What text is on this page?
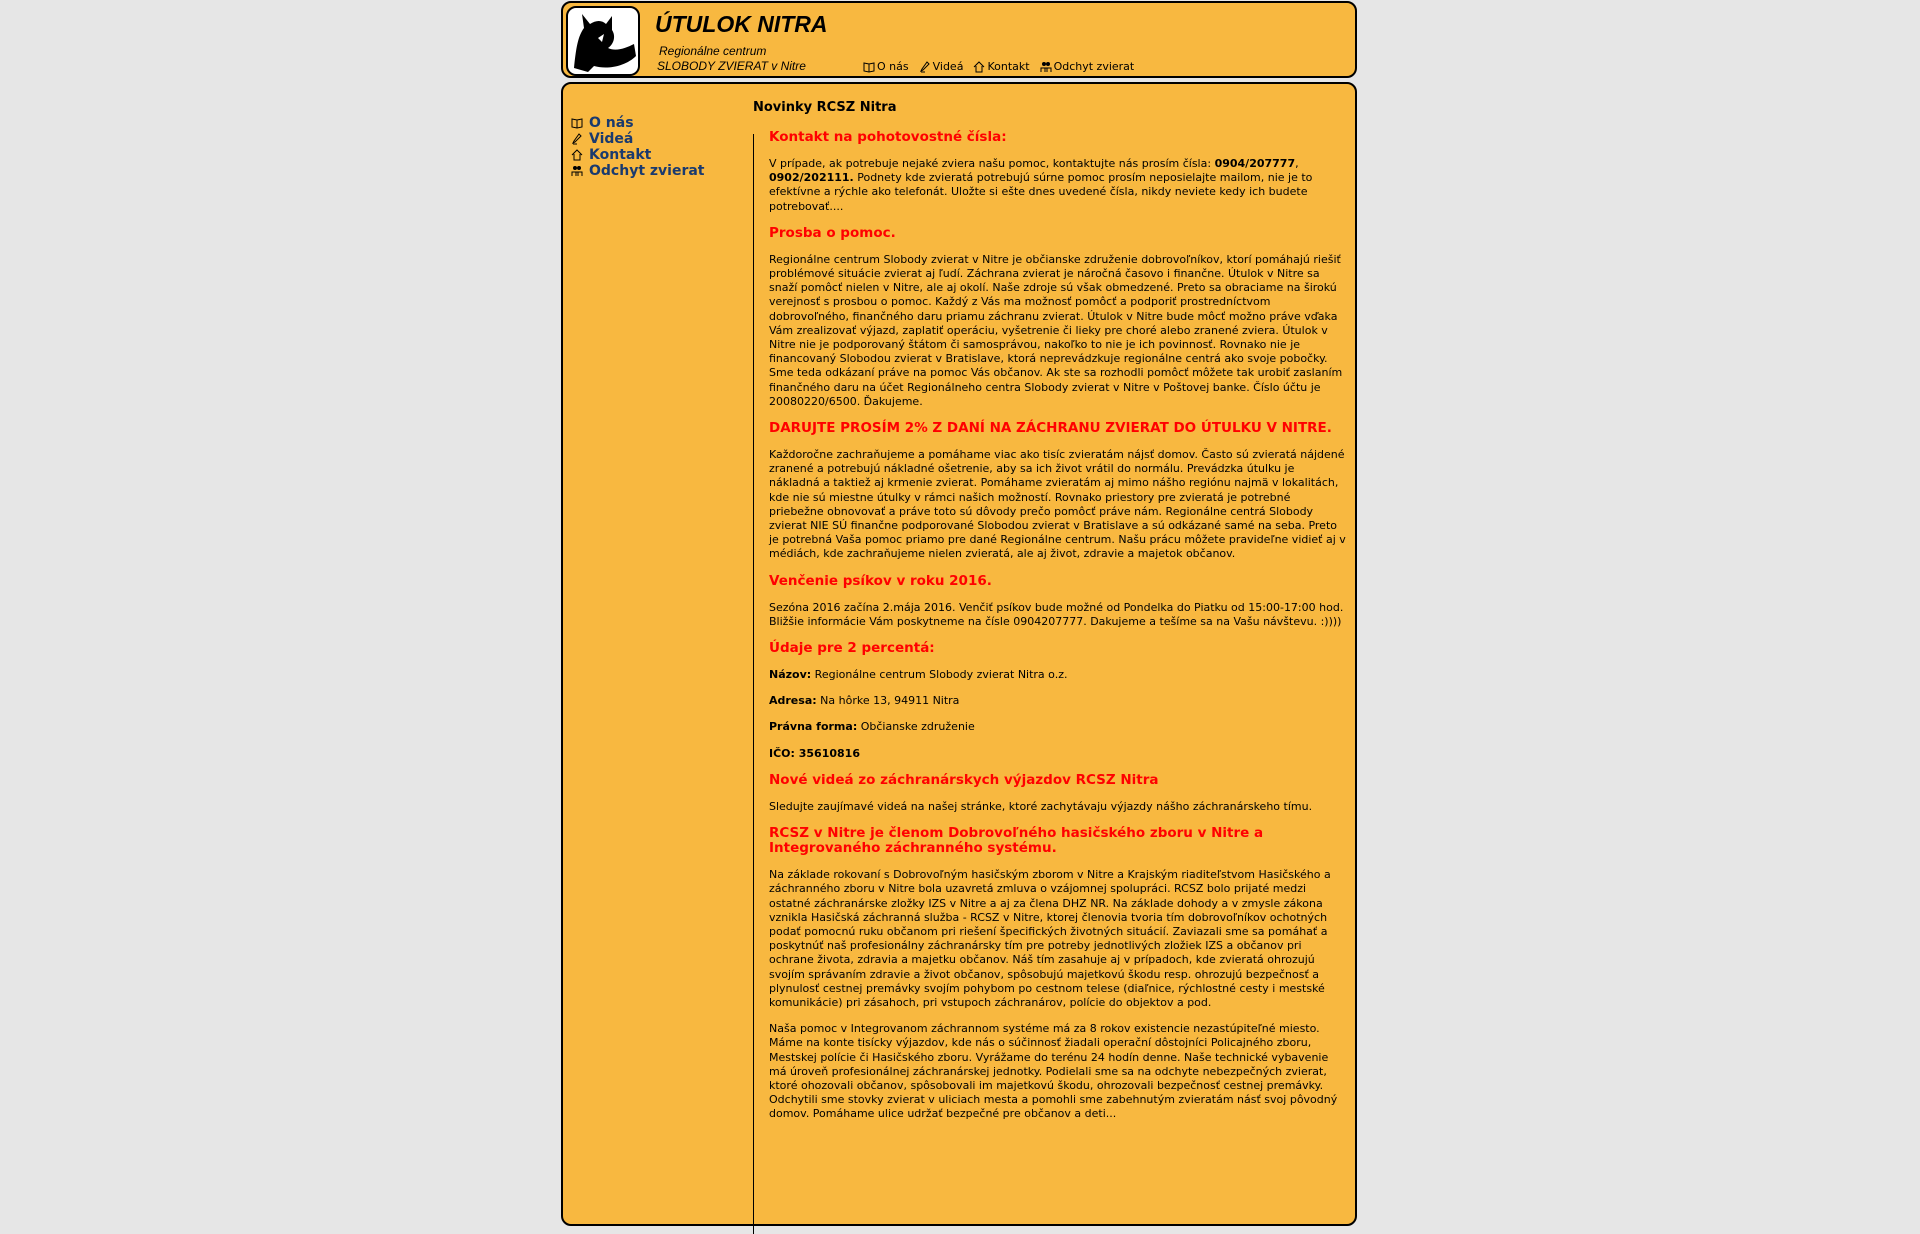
ÚTULOK NITRA
Regionálne centrum
SLOBODY ZVIERAT v Nitre	O nás Videá Kontakt Odchyt zvierat
O nás
Videá
Kontakt
Odchyt zvierat
Novinky RCSZ Nitra
Kontakt na pohotovostné čísla:

V prípade, ak potrebuje nejaké zviera našu pomoc, kontaktujte nás prosím čísla: 0904/207777, 0902/202111. Podnety kde zvieratá potrebujú súrne pomoc prosím neposielajte mailom, nie je to efektívne a rýchle ako telefonát. Uložte si ešte dnes uvedené čísla, nikdy neviete kedy ich budete potrebovať....

Prosba o pomoc.

Regionálne centrum Slobody zvierat v Nitre je občianske združenie dobrovoľníkov, ktorí pomáhajú riešiť problémové situácie zvierat aj ľudí. Záchrana zvierat je náročná časovo i finančne. Útulok v Nitre sa snaží pomôcť nielen v Nitre, ale aj okolí. Naše zdroje sú však obmedzené. Preto sa obraciame na širokú verejnosť s prosbou o pomoc. Každý z Vás ma možnosť pomôcť a podporiť prostredníctvom dobrovoľného, finančného daru priamu záchranu zvierat. Útulok v Nitre bude môcť možno práve vďaka Vám zrealizovať výjazd, zaplatiť operáciu, vyšetrenie či lieky pre choré alebo zranené zviera. Útulok v Nitre nie je podporovaný štátom či samosprávou, nakoľko to nie je ich povinnosť. Rovnako nie je financovaný Slobodou zvierat v Bratislave, ktorá neprevádzkuje regionálne centrá ako svoje pobočky. Sme teda odkázaní práve na pomoc Vás občanov. Ak ste sa rozhodli pomôcť môžete tak urobiť zaslaním finančného daru na účet Regionálneho centra Slobody zvierat v Nitre v Poštovej banke. Číslo účtu je 20080220/6500. Ďakujeme.

DARUJTE PROSÍM 2% Z DANÍ NA ZÁCHRANU ZVIERAT DO ÚTULKU V NITRE.

Každoročne zachraňujeme a pomáhame viac ako tisíc zvieratám nájsť domov. Často sú zvieratá nájdené zranené a potrebujú nákladné ošetrenie, aby sa ich život vrátil do normálu. Prevádzka útulku je nákladná a taktiež aj krmenie zvierat. Pomáhame zvieratám aj mimo nášho regiónu najmä v lokalitách, kde nie sú miestne útulky v rámci našich možností. Rovnako priestory pre zvieratá je potrebné priebežne obnovovať a práve toto sú dôvody prečo pomôcť práve nám. Regionálne centrá Slobody zvierat NIE SÚ finančne podporované Slobodou zvierat v Bratislave a sú odkázané samé na seba. Preto je potrebná Vaša pomoc priamo pre dané Regionálne centrum. Našu prácu môžete pravideľne vidieť aj v médiách, kde zachraňujeme nielen zvieratá, ale aj život, zdravie a majetok občanov.

Venčenie psíkov v roku 2016.

Sezóna 2016 začína 2.mája 2016. Venčiť psíkov bude možné od Pondelka do Piatku od 15:00-17:00 hod. Bližšie informácie Vám poskytneme na čísle 0904207777. Dakujeme a tešíme sa na Vašu návštevu. :))))

Údaje pre 2 percentá:

Názov: Regionálne centrum Slobody zvierat Nitra o.z.

Adresa: Na hôrke 13, 94911 Nitra

Právna forma: Občianske združenie

IČO: 35610816

Nové videá zo záchranárskych výjazdov RCSZ Nitra

Sledujte zaujímavé videá na našej stránke, ktoré zachytávaju výjazdy nášho záchranárskeho tímu.

RCSZ v Nitre je členom Dobrovoľného hasičského zboru v Nitre a Integrovaného záchranného systému.

Na základe rokovaní s Dobrovoľným hasičským zborom v Nitre a Krajským riaditeľstvom Hasičského a záchranného zboru v Nitre bola uzavretá zmluva o vzájomnej spolupráci. RCSZ bolo prijaté medzi ostatné záchranárske zložky IZS v Nitre a aj za člena DHZ NR. Na základe dohody a v zmysle zákona vznikla Hasičská záchranná služba - RCSZ v Nitre, ktorej členovia tvoria tím dobrovoľníkov ochotných podať pomocnú ruku občanom pri riešení špecifických životných situácií. Zaviazali sme sa pomáhať a poskytnúť naš profesionálny záchranársky tím pre potreby jednotlivých zložiek IZS a občanov pri ochrane života, zdravia a majetku občanov. Náš tím zasahuje aj v prípadoch, kde zvieratá ohrozujú svojím správaním zdravie a život občanov, spôsobujú majetkovú škodu resp. ohrozujú bezpečnosť a plynulosť cestnej premávky svojím pohybom po cestnom telese (diaľnice, rýchlostné cesty i mestské komunikácie) pri zásahoch, pri vstupoch záchranárov, polície do objektov a pod.

Naša pomoc v Integrovanom záchrannom systéme má za 8 rokov existencie nezastúpiteľné miesto. Máme na konte tisícky výjazdov, kde nás o súčinnosť žiadali operační dôstojníci Policajného zboru, Mestskej polície či Hasičského zboru. Vyrážame do terénu 24 hodín denne. Naše technické vybavenie má úroveň profesionálnej záchranárskej jednotky. Podielali sme sa na odchyte nebezpečných zvierat, ktoré ohozovali občanov, spôsobovali im majetkovú škodu, ohrozovali bezpečnosť cestnej premávky. Odchytili sme stovky zvierat v uliciach mesta a pomohli sme zabehnutým zvieratám násť svoj pôvodný domov. Pomáhame ulice udržať bezpečné pre občanov a deti...
